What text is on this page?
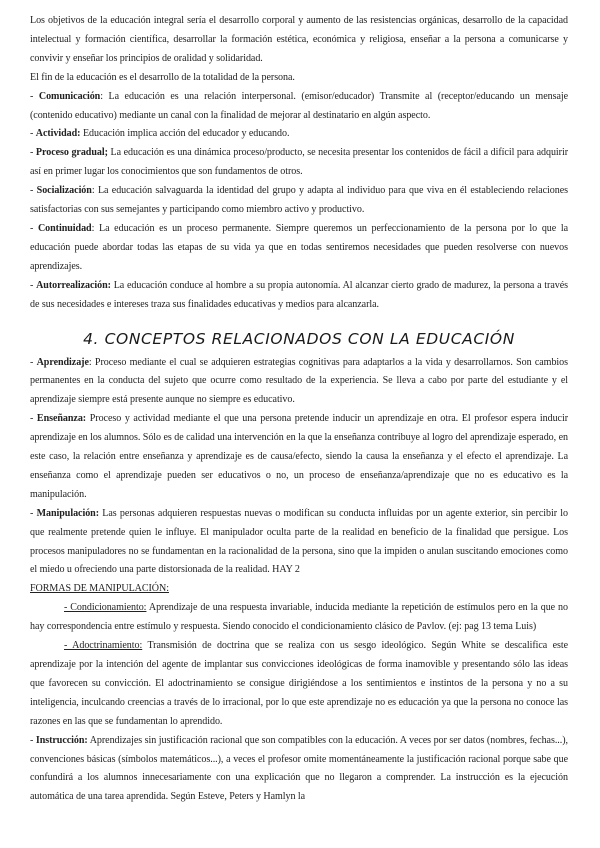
Los objetivos de la educación integral sería el desarrollo corporal y aumento de las resistencias orgánicas, desarrollo de la capacidad intelectual y formación científica, desarrollar la formación estética, económica y religiosa, enseñar a la persona a comunicarse y convivir y enseñar los principios de oralidad y solidaridad.

El fin de la educación es el desarrollo de la totalidad de la persona.

- Comunicación: La educación es una relación interpersonal. (emisor/educador) Transmite al (receptor/educando un mensaje (contenido educativo) mediante un canal con la finalidad de mejorar al destinatario en algún aspecto.

- Actividad: Educación implica acción del educador y educando.

- Proceso gradual; La educación es una dinámica proceso/producto, se necesita presentar los contenidos de fácil a difícil para adquirir así en primer lugar los conocimientos que son fundamentos de otros.

- Socialización: La educación salvaguarda la identidad del grupo y adapta al individuo para que viva en él estableciendo relaciones satisfactorias con sus semejantes y participando como miembro activo y productivo.

- Continuidad: La educación es un proceso permanente. Siempre queremos un perfeccionamiento de la persona por lo que la educación puede abordar todas las etapas de su vida ya que en todas sentiremos necesidades que pueden resolverse con nuevos aprendizajes.

- Autorrealización: La educación conduce al hombre a su propia autonomía. Al alcanzar cierto grado de madurez, la persona a través de sus necesidades e intereses traza sus finalidades educativas y medios para alcanzarla.

4. CONCEPTOS RELACIONADOS CON LA EDUCACIÓN

- Aprendizaje: Proceso mediante el cual se adquieren estrategias cognitivas para adaptarlos a la vida y desarrollarnos. Son cambios permanentes en la conducta del sujeto que ocurre como resultado de la experiencia. Se lleva a cabo por parte del estudiante y el aprendizaje siempre está presente aunque no siempre es educativo.

- Enseñanza: Proceso y actividad mediante el que una persona pretende inducir un aprendizaje en otra. El profesor espera inducir aprendizaje en los alumnos. Sólo es de calidad una intervención en la que la enseñanza contribuye al logro del aprendizaje esperado, en este caso, la relación entre enseñanza y aprendizaje es de causa/efecto, siendo la causa la enseñanza y el efecto el aprendizaje. La enseñanza como el aprendizaje pueden ser educativos o no, un proceso de enseñanza/aprendizaje que no es educativo es la manipulación.

- Manipulación: Las personas adquieren respuestas nuevas o modifican su conducta influidas por un agente exterior, sin percibir lo que realmente pretende quien le influye. El manipulador oculta parte de la realidad en beneficio de la finalidad que persigue. Los procesos manipuladores no se fundamentan en la racionalidad de la persona, sino que la impiden o anulan suscitando emociones como el miedo u ofreciendo una parte distorsionada de la realidad. HAY 2

FORMAS DE MANIPULACIÓN:

- Condicionamiento: Aprendizaje de una respuesta invariable, inducida mediante la repetición de estímulos pero en la que no hay correspondencia entre estímulo y respuesta. Siendo conocido el condicionamiento clásico de Pavlov. (ej: pag 13 tema Luis)

- Adoctrinamiento: Transmisión de doctrina que se realiza con us sesgo ideológico. Según White se descalifica este aprendizaje por la intención del agente de implantar sus convicciones ideológicas de forma inamovible y presentando sólo las ideas que favorecen su convicción. El adoctrinamiento se consigue dirigiéndose a los sentimientos e instintos de la persona y no a su inteligencia, inculcando creencias a través de lo irracional, por lo que este aprendizaje no es educación ya que la persona no conoce las razones en las que se fundamentan lo aprendido.

- Instrucción: Aprendizajes sin justificación racional que son compatibles con la educación. A veces por ser datos (nombres, fechas...), convenciones básicas (símbolos matemáticos...), a veces el profesor omite momentáneamente la justificación racional porque sabe que confundirá a los alumnos innecesariamente con una explicación que no llegaron a comprender. La instrucción es la ejecución automática de una tarea aprendida. Según Esteve, Peters y Hamlyn la
